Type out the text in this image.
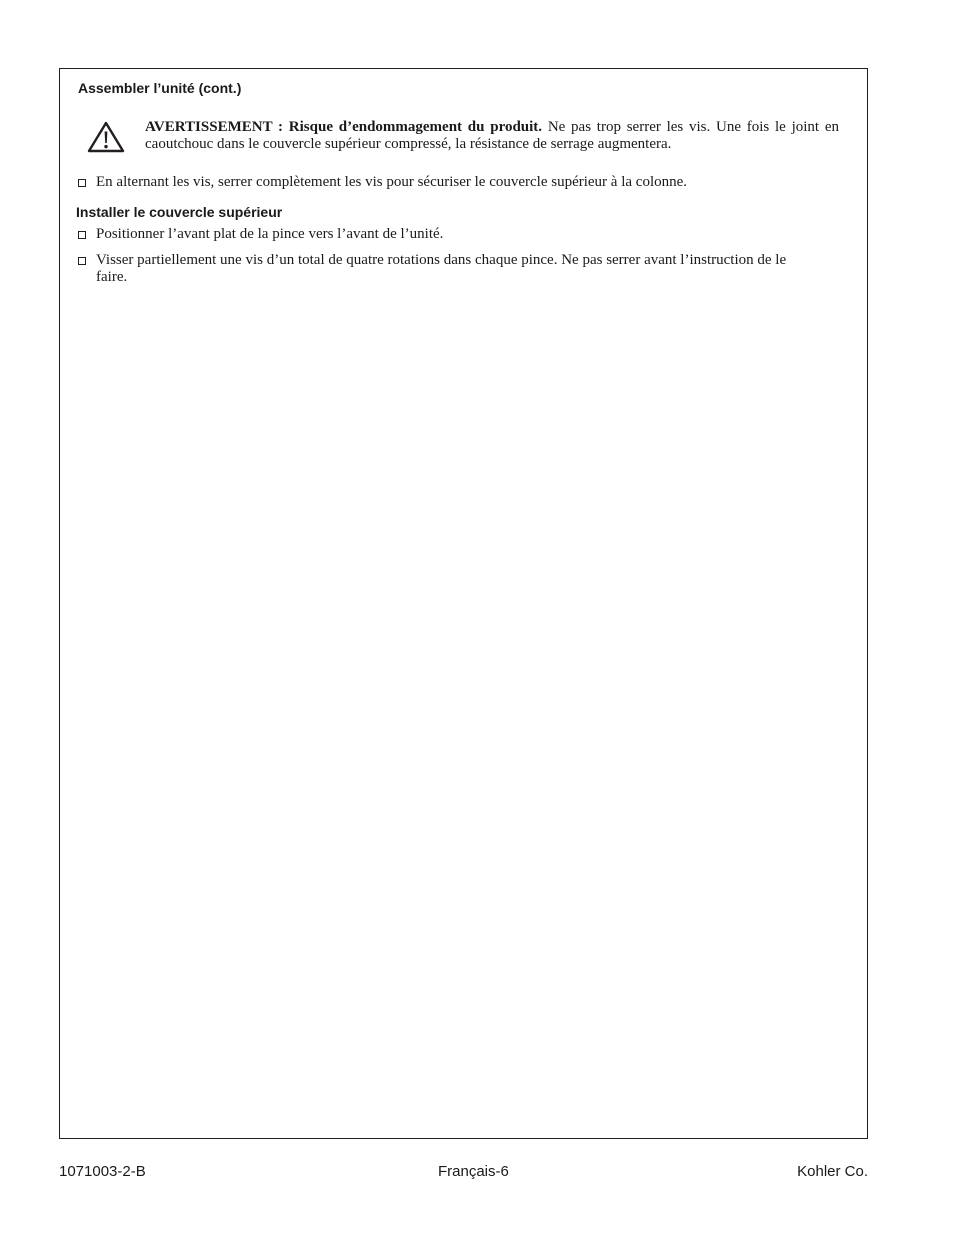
Assembler l’unité (cont.)
AVERTISSEMENT : Risque d’endommagement du produit. Ne pas trop serrer les vis. Une fois le joint en caoutchouc dans le couvercle supérieur compressé, la résistance de serrage augmentera.
En alternant les vis, serrer complètement les vis pour sécuriser le couvercle supérieur à la colonne.
Installer le couvercle supérieur
Positionner l’avant plat de la pince vers l’avant de l’unité.
Visser partiellement une vis d’un total de quatre rotations dans chaque pince. Ne pas serrer avant l’instruction de le faire.
1071003-2-B	Français-6	Kohler Co.
